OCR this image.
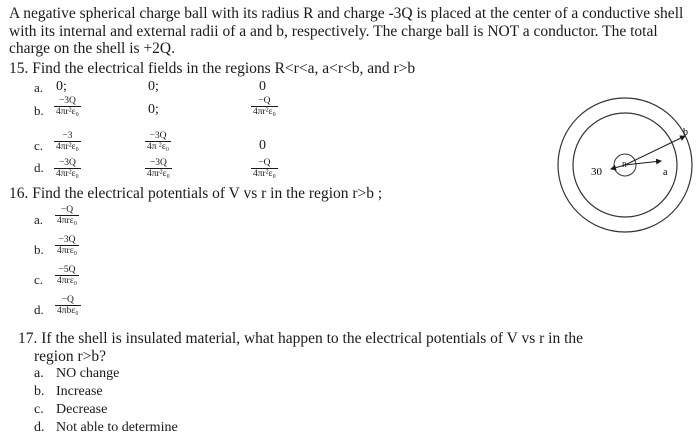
A negative spherical charge ball with its radius R and charge -3Q is placed at the center of a conductive shell with its internal and external radii of a and b, respectively. The charge ball is NOT a conductor. The total charge on the shell is +2Q.
15. Find the electrical fields in the regions R<r<a, a<r<b, and r>b
a. 0;	0;	0
b. $\frac{-3Q}{\text{4πr²ε₀}}$	0;	$\frac{-Q}{\text{4πr²ε₀}}$
c. $\frac{-3}{\text{4πr²ε₀}}$	$\frac{-3Q}{\text{4π ²ε₀}}$	0
d. $\frac{-3Q}{\text{4πr²ε₀}}$	$\frac{-3Q}{\text{4πr²ε₀}}$	$\frac{-Q}{\text{4πr²ε₀}}$
16. Find the electrical potentials of V vs r in the region r>b ;
a.
−Q
4πrε₀
b.
−3Q
4πrε₀
c.
−5Q
4πrε₀
d.
−Q
4πbε₀
17. If the shell is insulated material, what happen to the electrical potentials of V vs r in the
region r>b?
a. NO change
b. Increase
c. Decrease
d. Not able to determine
30
R
a
b
